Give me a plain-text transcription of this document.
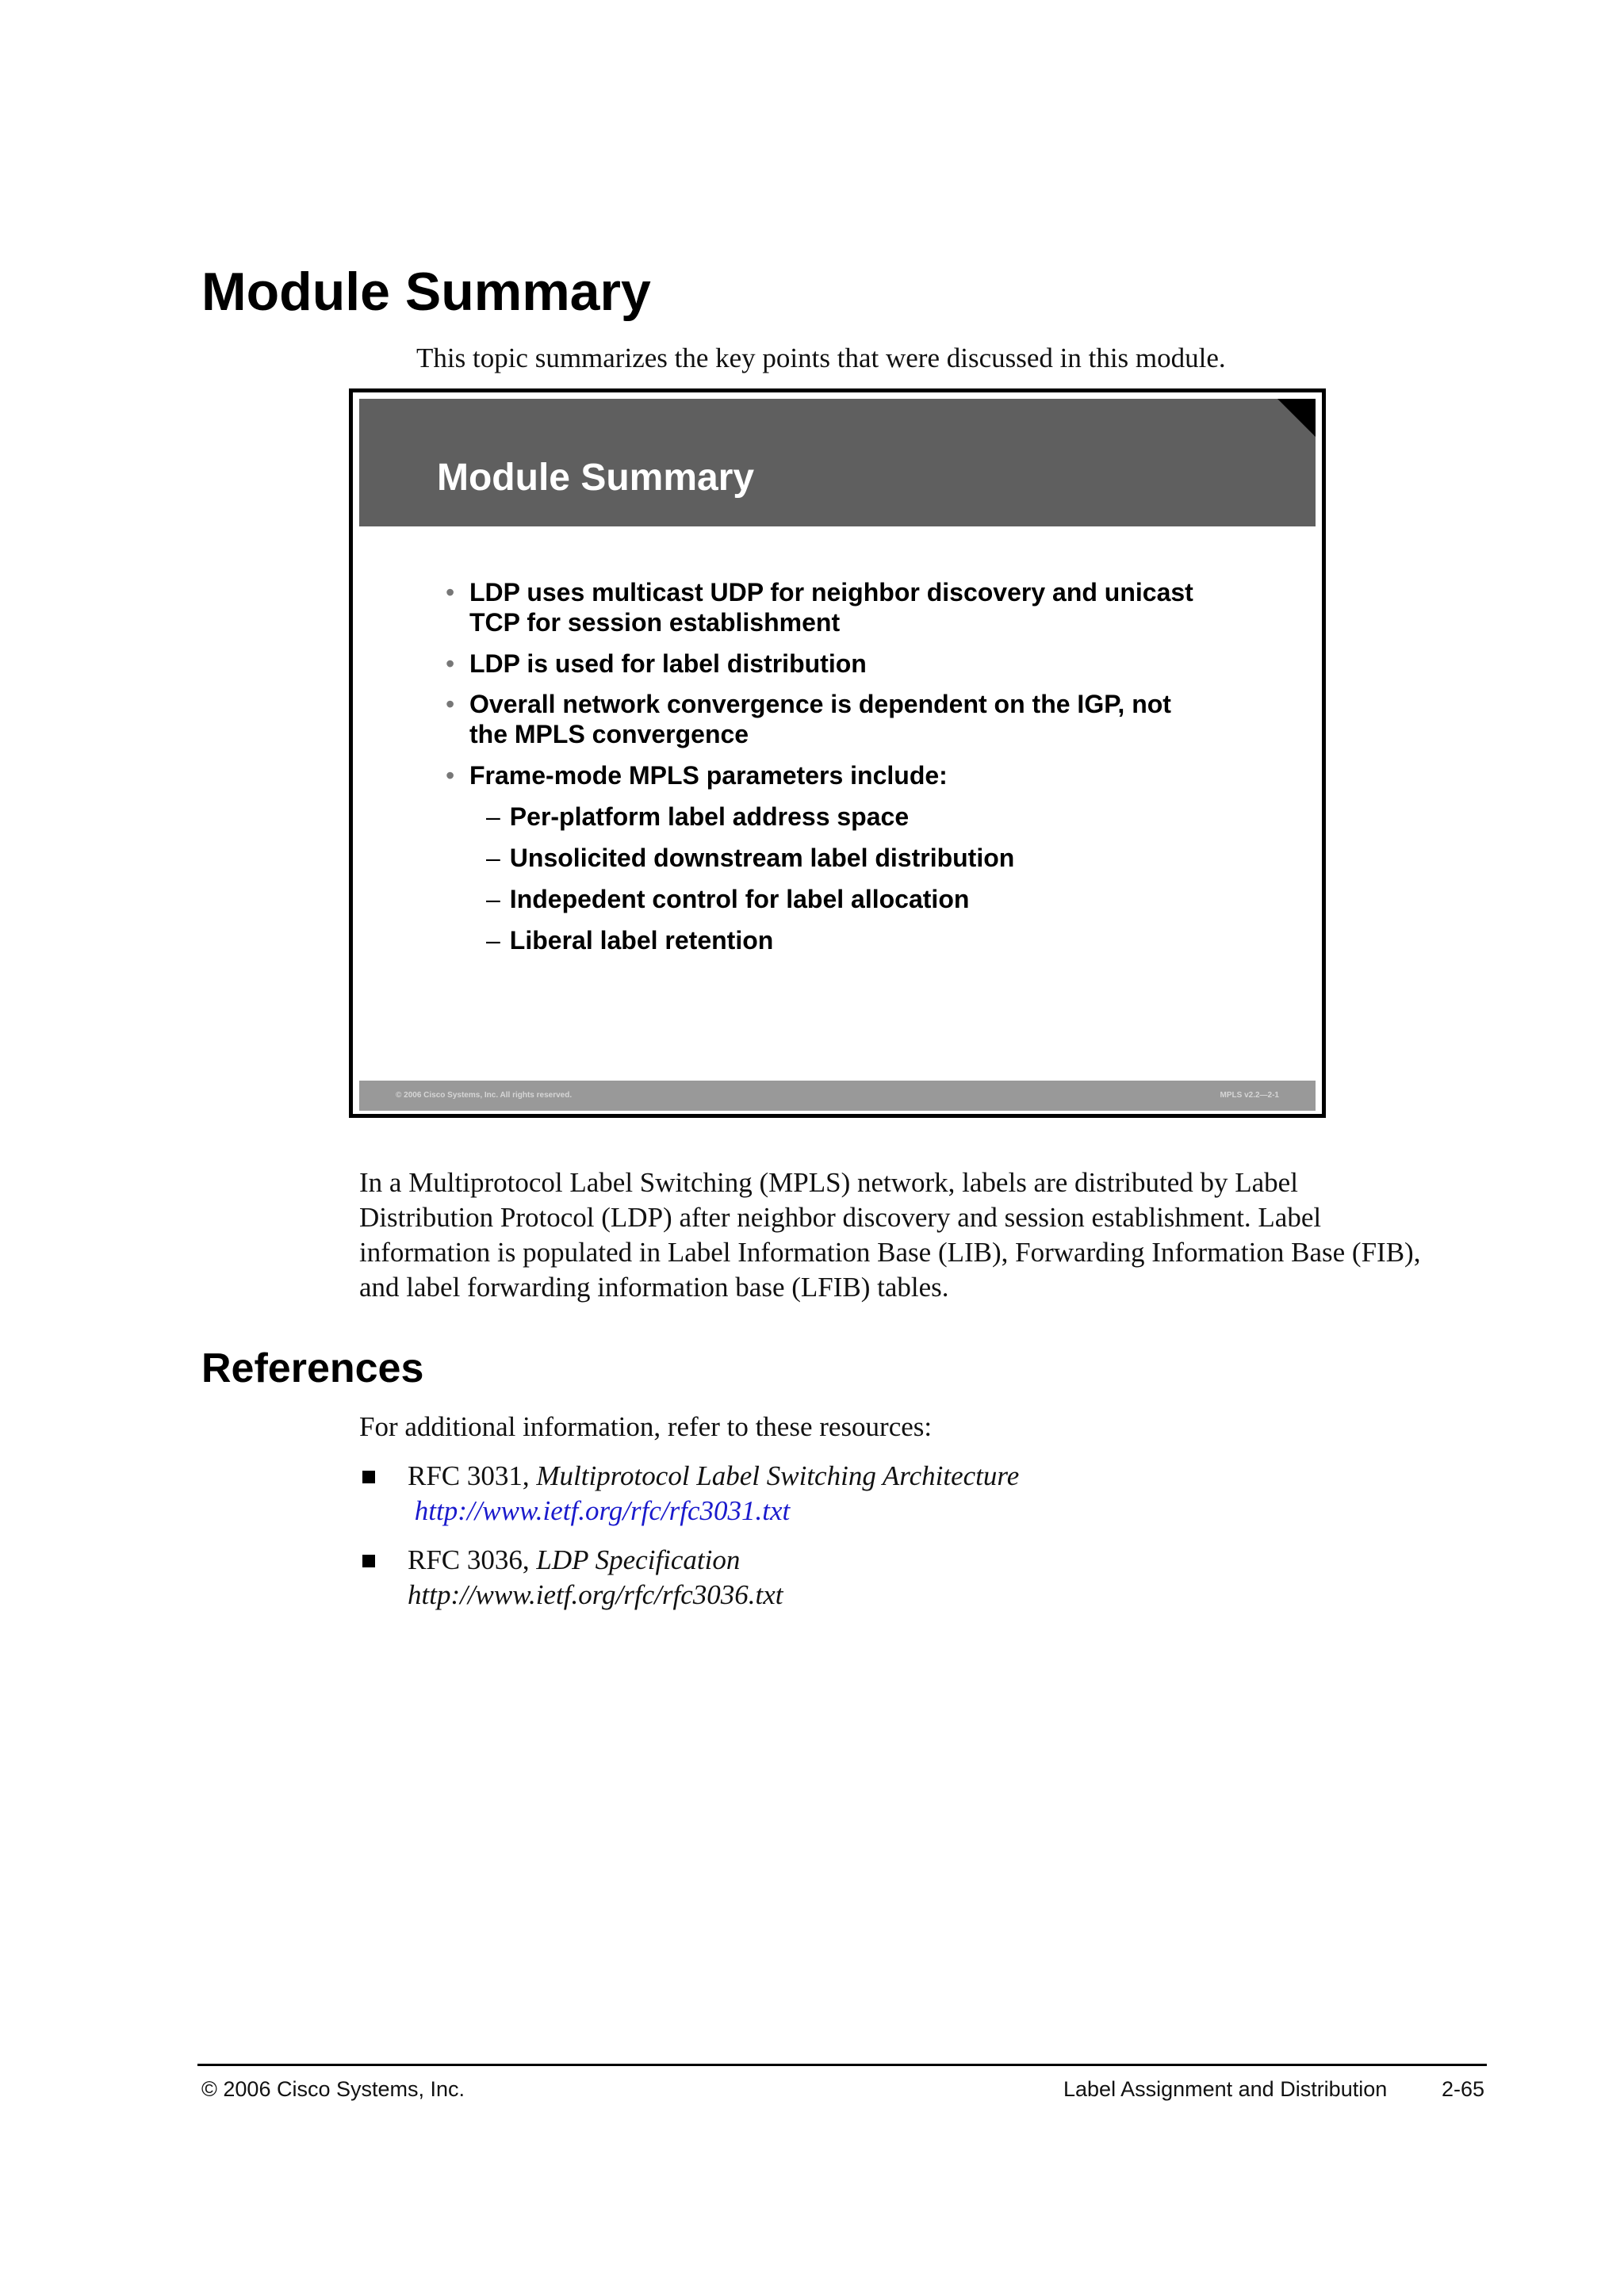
Module Summary
This topic summarizes the key points that were discussed in this module.
Module Summary
• LDP uses multicast UDP for neighbor discovery and unicast
TCP for session establishment
• LDP is used for label distribution
• Overall network convergence is dependent on the IGP, not
the MPLS convergence
• Frame-mode MPLS parameters include:
– Per-platform label address space
– Unsolicited downstream label distribution
– Indepedent control for label allocation
– Liberal label retention
© 2006 Cisco Systems, Inc. All rights reserved.	MPLS v2.2—2-1
In a Multiprotocol Label Switching (MPLS) network, labels are distributed by Label
Distribution Protocol (LDP) after neighbor discovery and session establishment. Label
information is populated in Label Information Base (LIB), Forwarding Information Base (FIB),
and label forwarding information base (LFIB) tables.
References
For additional information, refer to these resources:
RFC 3031, Multiprotocol Label Switching Architecture
http://www.ietf.org/rfc/rfc3031.txt
RFC 3036, LDP Specification
http://www.ietf.org/rfc/rfc3036.txt
© 2006 Cisco Systems, Inc.	Label Assignment and Distribution	2-65
